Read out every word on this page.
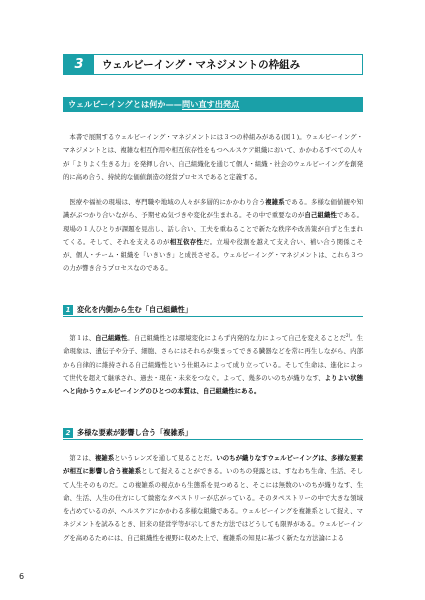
3	ウェルビーイング・マネジメントの枠組み
ウェルビーイングとは何か——問い直す出発点

本書で展開するウェルビーイング・マネジメントには３つの枠組みがある(図１)。ウェルビーイング・マネジメントとは、複雑な相互作用や相互依存性をもつヘルスケア組織において、かかわるすべての人々が「よりよく生きる力」を発揮し合い、自己組織化を通じて個人・組織・社会のウェルビーイングを創発的に高め合う、持続的な価値創造の経営プロセスであると定義する。

医療や福祉の現場は、専門職や地域の人々が多層的にかかわり合う複雑系である。多様な価値観や知識がぶつかり合いながら、予期せぬ気づきや変化が生まれる。その中で重要なのが自己組織性である。現場の１人ひとりが課題を見出し、話し合い、工夫を重ねることで新たな秩序や改善策が自ずと生まれてくる。そして、それを支えるのが相互依存性だ。立場や役割を越えて支え合い、補い合う関係こそが、個人・チーム・組織を「いきいき」と成長させる。ウェルビーイング・マネジメントは、これら３つの力が響き合うプロセスなのである。

1 変化を内側から生む「自己組織性」

第１は、自己組織性。自己組織性とは環境変化によらず内発的な力によって自己を変えることだ$^{2)}$。生命現象は、遺伝子や分子、細胞、さらにはそれらが集まってできる臓器などを常に再生しながら、内部から自律的に維持される自己組織性という仕組みによって成り立っている。そして生命は、進化によって世代を超えて継承され、過去・現在・未来をつなぐ。よって、幾多のいのちが織りなす、よりよい状態へと向かうウェルビーイングのひとつの本質は、自己組織性にある。

2 多様な要素が影響し合う「複雑系」

第２は、複雑系というレンズを通して見ることだ。いのちが織りなすウェルビーイングは、多様な要素が相互に影響し合う複雑系として捉えることができる。いのちの発露とは、すなわち生命、生活、そして人生そのものだ。この複雑系の視点から生態系を見つめると、そこには無数のいのちが織りなす、生命、生活、人生の仕方にして緻密なタペストリーが広がっている。そのタペストリーの中で大きな領域を占めているのが、ヘルスケアにかかわる多様な組織である。ウェルビーイングを複雑系として捉え、マネジメントを試みるとき、旧来の経営学等が示してきた方法ではどうしても限界がある。ウェルビーイングを高めるためには、自己組織性を視野に収めた上で、複雑系の知見に基づく新たな方法論による

6
